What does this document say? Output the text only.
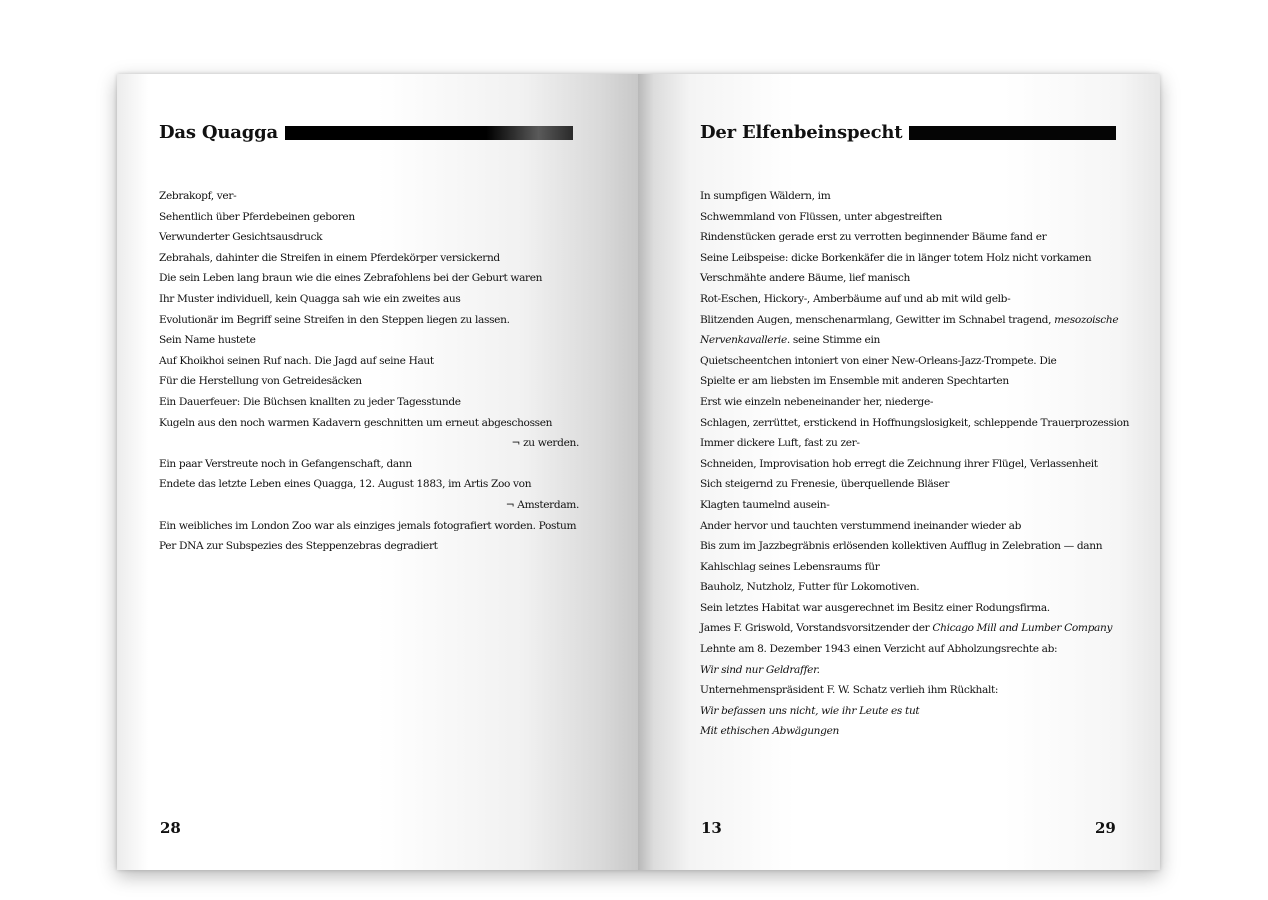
Das Quagga
Zebrakopf, ver-
Sehentlich über Pferdebeinen geboren
Verwunderter Gesichtsausdruck
Zebrahals, dahinter die Streifen in einem Pferdekörper versickernd
Die sein Leben lang braun wie die eines Zebrafohlens bei der Geburt waren
Ihr Muster individuell, kein Quagga sah wie ein zweites aus
Evolutionär im Begriff seine Streifen in den Steppen liegen zu lassen.
Sein Name hustete
Auf Khoikhoi seinen Ruf nach. Die Jagd auf seine Haut
Für die Herstellung von Getreidesäcken
Ein Dauerfeuer: Die Büchsen knallten zu jeder Tagesstunde
Kugeln aus den noch warmen Kadavern geschnitten um erneut abgeschossen
¬ zu werden.
Ein paar Verstreute noch in Gefangenschaft, dann
Endete das letzte Leben eines Quagga, 12. August 1883, im Artis Zoo von
¬ Amsterdam.
Ein weibliches im London Zoo war als einziges jemals fotografiert worden. Postum
Per DNA zur Subspezies des Steppenzebras degradiert
28
Der Elfenbeinspecht
In sumpfigen Wäldern, im
Schwemmland von Flüssen, unter abgestreiften
Rindenstücken gerade erst zu verrotten beginnender Bäume fand er
Seine Leibspeise: dicke Borkenkäfer die in länger totem Holz nicht vorkamen
Verschmähte andere Bäume, lief manisch
Rot-Eschen, Hickory-, Amberbäume auf und ab mit wild gelb-
Blitzenden Augen, menschenarmlang, Gewitter im Schnabel tragend, mesozoische
Nervenkavallerie. seine Stimme ein
Quietscheentchen intoniert von einer New-Orleans-Jazz-Trompete. Die
Spielte er am liebsten im Ensemble mit anderen Spechtarten
Erst wie einzeln nebeneinander her, niederge-
Schlagen, zerrüttet, erstickend in Hoffnungslosigkeit, schleppende Trauerprozession
Immer dickere Luft, fast zu zer-
Schneiden, Improvisation hob erregt die Zeichnung ihrer Flügel, Verlassenheit
Sich steigernd zu Frenesie, überquellende Bläser
Klagten taumelnd ausein-
Ander hervor und tauchten verstummend ineinander wieder ab
Bis zum im Jazzbegräbnis erlösenden kollektiven Aufflug in Zelebration — dann
Kahlschlag seines Lebensraums für
Bauholz, Nutzholz, Futter für Lokomotiven.
Sein letztes Habitat war ausgerechnet im Besitz einer Rodungsfirma.
James F. Griswold, Vorstandsvorsitzender der Chicago Mill and Lumber Company
Lehnte am 8. Dezember 1943 einen Verzicht auf Abholzungsrechte ab:
Wir sind nur Geldraffer.
Unternehmenspräsident F. W. Schatz verlieh ihm Rückhalt:
Wir befassen uns nicht, wie ihr Leute es tut
Mit ethischen Abwägungen
13	29
